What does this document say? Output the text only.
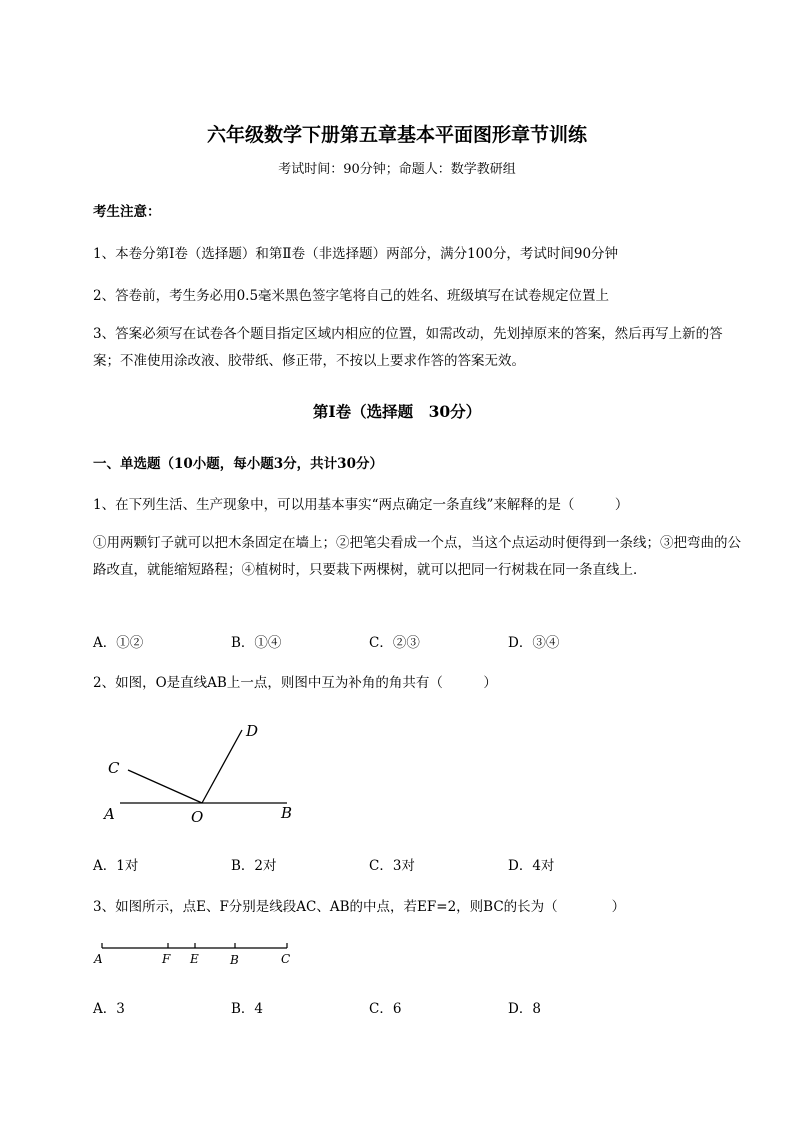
六年级数学下册第五章基本平面图形章节训练
考试时间：90分钟；命题人：数学教研组
考生注意：
1、本卷分第I卷（选择题）和第Ⅱ卷（非选择题）两部分，满分100分，考试时间90分钟
2、答卷前，考生务必用0.5毫米黑色签字笔将自己的姓名、班级填写在试卷规定位置上
3、答案必须写在试卷各个题目指定区域内相应的位置，如需改动，先划掉原来的答案，然后再写上新的答案；不准使用涂改液、胶带纸、修正带，不按以上要求作答的答案无效。
第I卷（选择题　30分）
一、单选题（10小题，每小题3分，共计30分）
1、在下列生活、生产现象中，可以用基本事实“两点确定一条直线”来解释的是（　　　）
①用两颗钉子就可以把木条固定在墙上；②把笔尖看成一个点，当这个点运动时便得到一条线；③把弯曲的公路改直，就能缩短路程；④植树时，只要栽下两棵树，就可以把同一行树栽在同一条直线上．
A．①②	B．①④	C．②③	D．③④
2、如图，O是直线AB上一点，则图中互为补角的角共有（　　　）
A	O	B
C
D
A．1对	B．2对	C．3对	D．4对
3、如图所示，点E、F分别是线段AC、AB的中点，若EF=2，则BC的长为（　　　　）
A	F E	B	C
A．3	B．4	C．6	D．8
